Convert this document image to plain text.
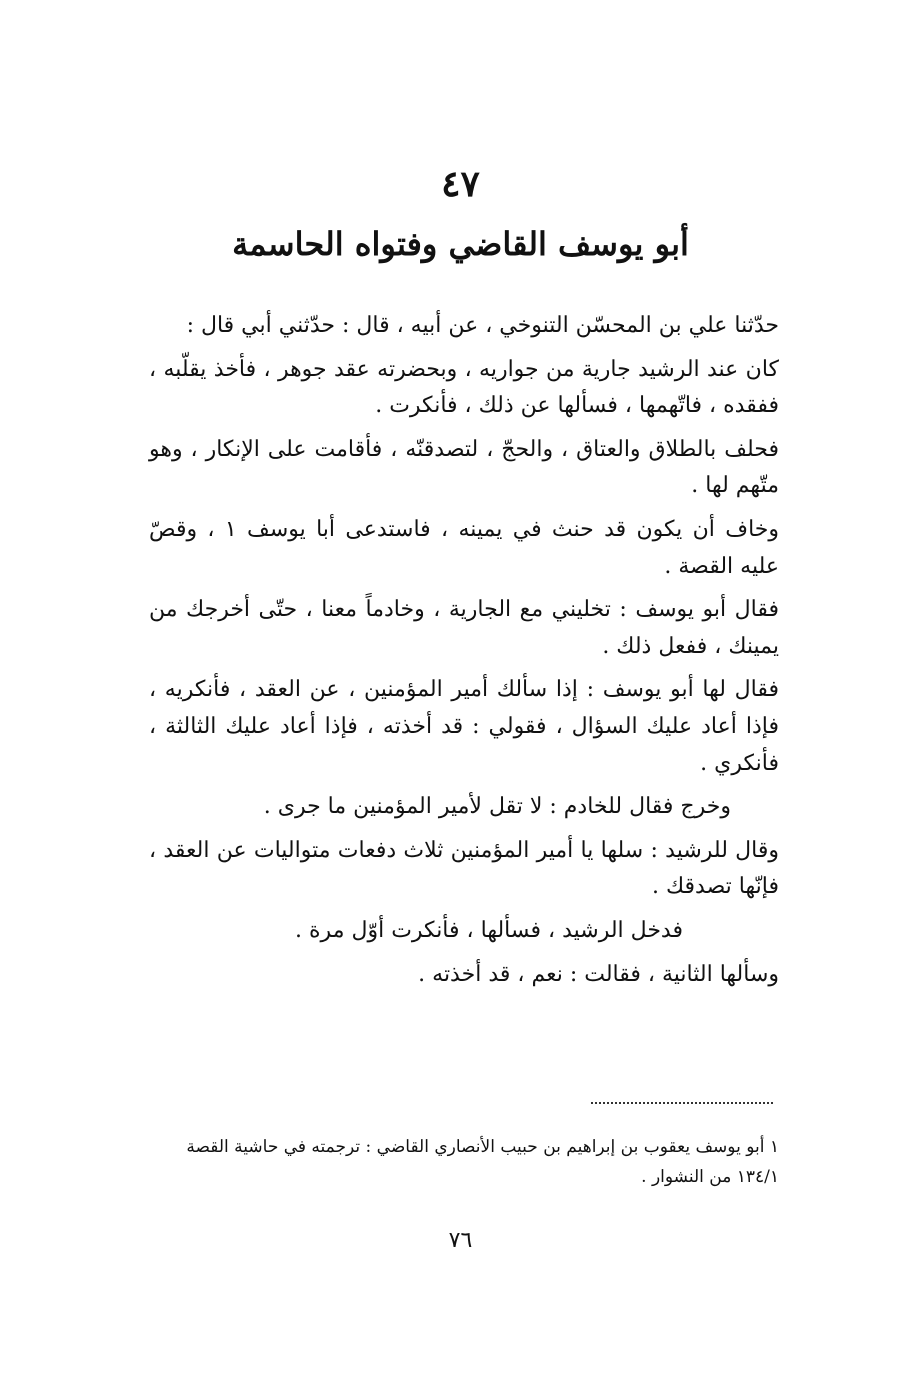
٤٧
أبو يوسف القاضي وفتواه الحاسمة

حدّثنا علي بن المحسّن التنوخي ، عن أبيه ، قال : حدّثني أبي قال :

كان عند الرشيد جارية من جواريه ، وبحضرته عقد جوهر ، فأخذ يقلّبه ، ففقده ، فاتّهمها ، فسألها عن ذلك ، فأنكرت .

فحلف بالطلاق والعتاق ، والحجّ ، لتصدقنّه ، فأقامت على الإنكار ، وهو متّهم لها .

وخاف أن يكون قد حنث في يمينه ، فاستدعى أبا يوسف ١ ، وقصّ عليه القصة .

فقال أبو يوسف : تخليني مع الجارية ، وخادماً معنا ، حتّى أخرجك من يمينك ، ففعل ذلك .

فقال لها أبو يوسف : إذا سألك أمير المؤمنين ، عن العقد ، فأنكريه ، فإذا أعاد عليك السؤال ، فقولي : قد أخذته ، فإذا أعاد عليك الثالثة ، فأنكري .

وخرج فقال للخادم : لا تقل لأمير المؤمنين ما جرى .

وقال للرشيد : سلها يا أمير المؤمنين ثلاث دفعات متواليات عن العقد ، فإنّها تصدقك .

فدخل الرشيد ، فسألها ، فأنكرت أوّل مرة .

وسألها الثانية ، فقالت : نعم ، قد أخذته .

١ أبو يوسف يعقوب بن إبراهيم بن حبيب الأنصاري القاضي : ترجمته في حاشية القصة ١٣٤/١ من النشوار .
٧٦
